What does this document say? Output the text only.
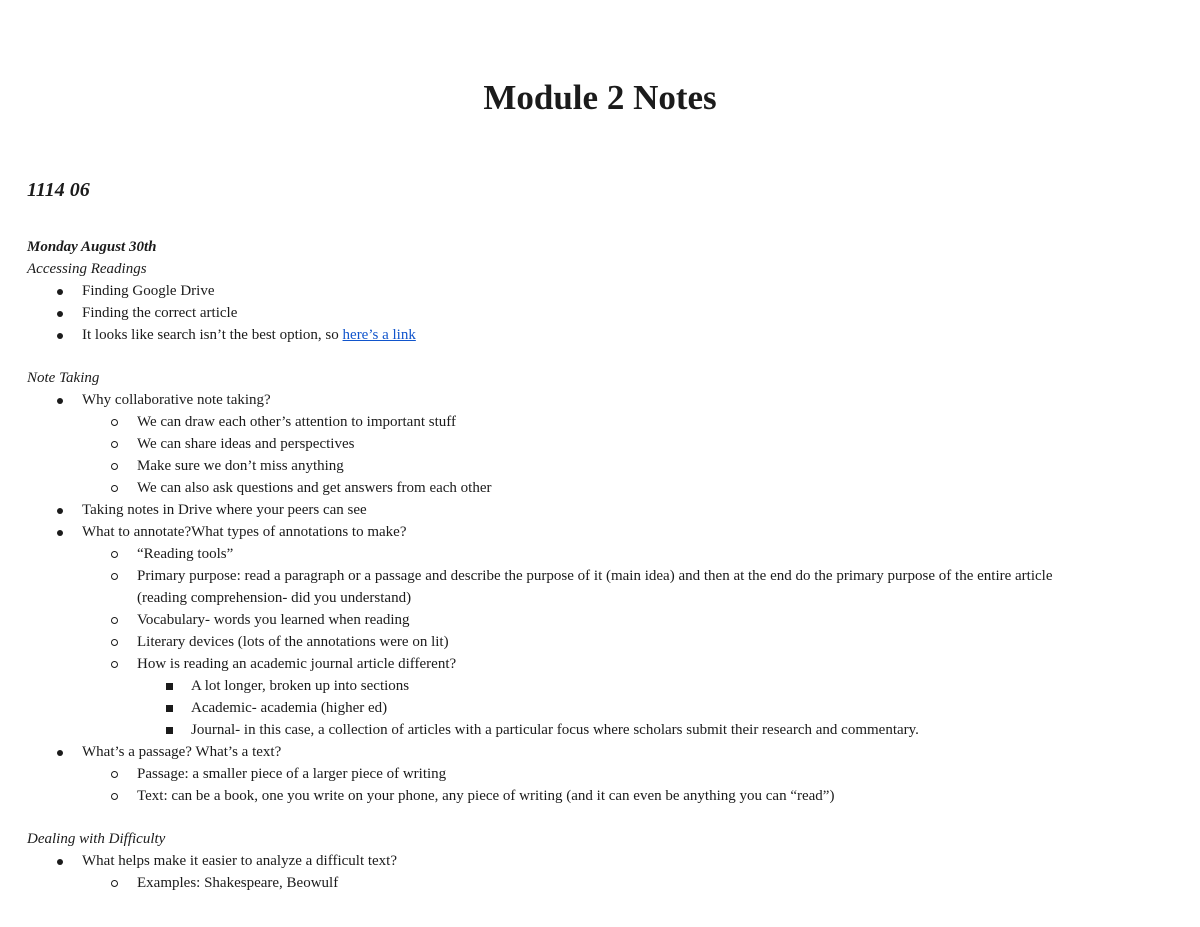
Module 2 Notes
1114 06
Monday August 30th
Accessing Readings
Finding Google Drive
Finding the correct article
It looks like search isn’t the best option, so here’s a link
Note Taking
Why collaborative note taking?
We can draw each other’s attention to important stuff
We can share ideas and perspectives
Make sure we don’t miss anything
We can also ask questions and get answers from each other
Taking notes in Drive where your peers can see
What to annotate?What types of annotations to make?
“Reading tools”
Primary purpose: read a paragraph or a passage and describe the purpose of it (main idea) and then at the end do the primary purpose of the entire article
(reading comprehension- did you understand)
Vocabulary- words you learned when reading
Literary devices (lots of the annotations were on lit)
How is reading an academic journal article different?
A lot longer, broken up into sections
Academic- academia (higher ed)
Journal- in this case, a collection of articles with a particular focus where scholars submit their research and commentary.
What’s a passage? What’s a text?
Passage: a smaller piece of a larger piece of writing
Text: can be a book, one you write on your phone, any piece of writing (and it can even be anything you can “read”)
Dealing with Difficulty
What helps make it easier to analyze a difficult text?
Examples: Shakespeare, Beowulf
